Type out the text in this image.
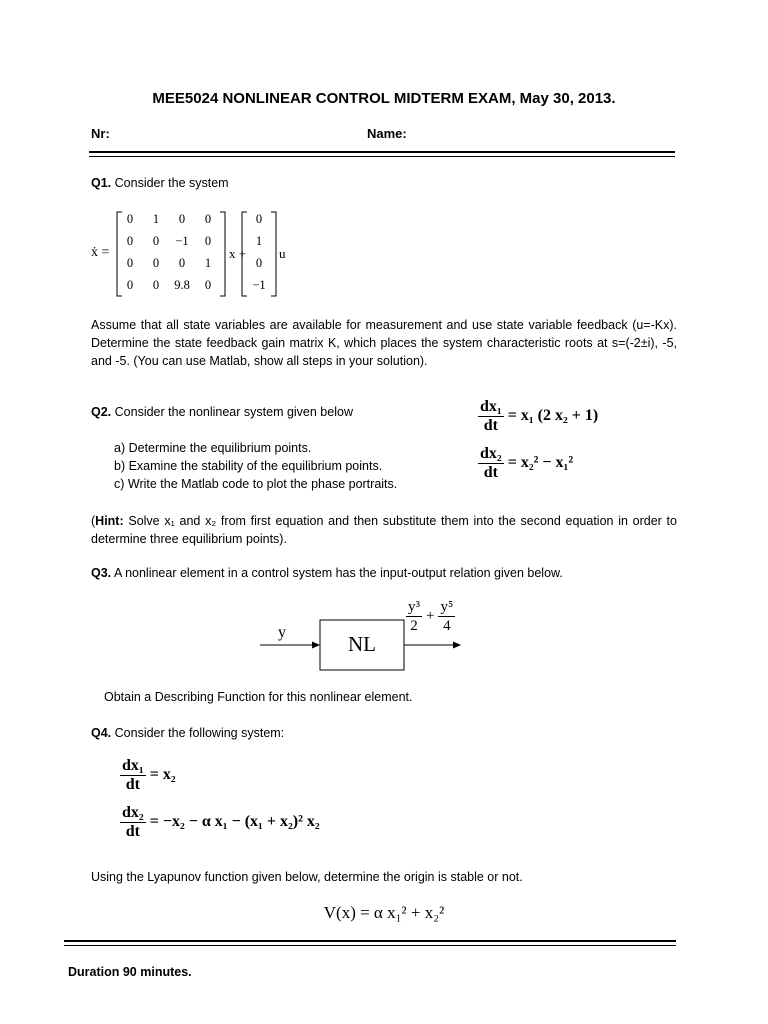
MEE5024 NONLINEAR CONTROL MIDTERM EXAM, May 30, 2013.
Nr:	Name:
Q1. Consider the system
ẋ =
0	1	0	0
0	0	−1	0
0	0	0	1
0	0	9.8	0
x +
0
1
0
−1
u
Assume that all state variables are available for measurement and use state variable feedback (u=-Kx). Determine the state feedback gain matrix K, which places the system characteristic roots at s=(-2±i), -5, and -5. (You can use Matlab, show all steps in your solution).
Q2. Consider the nonlinear system given below
a) Determine the equilibrium points.
b) Examine the stability of the equilibrium points.
c) Write the Matlab code to plot the phase portraits.
$\frac{\text{dx₁}}{dt} = x_1$ (2 x₂ + 1)
$\frac{\text{dx₂}}{dt} = x_2^2 - x_1^2$
(Hint: Solve x₁ and x₂ from first equation and then substitute them into the second equation in order to determine three equilibrium points).
Q3. A nonlinear element in a control system has the input-output relation given below.
y	NL
$\frac{\text{y³}}{2} + \frac{\text{y⁵}}{4}$
Obtain a Describing Function for this nonlinear element.
Q4. Consider the following system:
$\frac{\text{dx₁}}{dt} = x_2$
$\frac{\text{dx₂}}{dt} = -x_2 - \alpha$ x₁ − (x₁ + x₂)² x₂
Using the Lyapunov function given below, determine the origin is stable or not.
V(x) = α x₁² + x₂²
Duration 90 minutes.
